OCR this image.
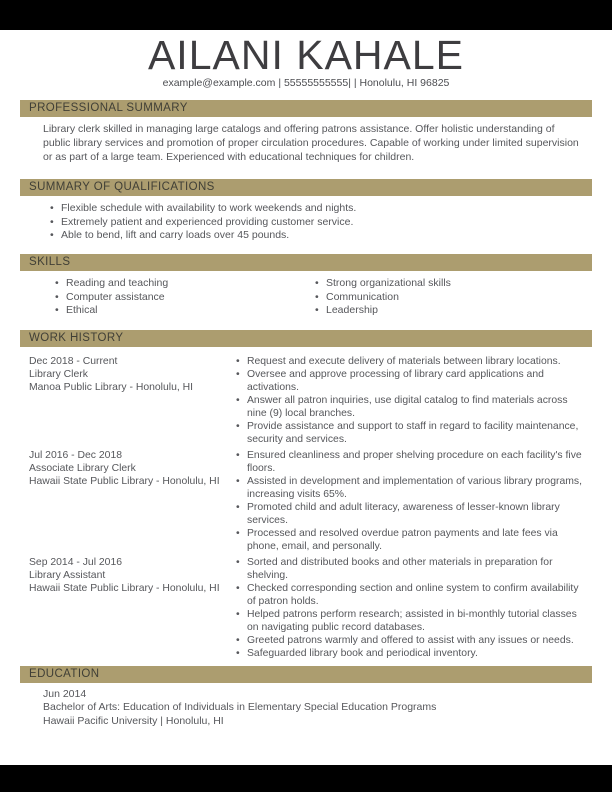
AILANI KAHALE
example@example.com | 55555555555| | Honolulu, HI 96825
PROFESSIONAL SUMMARY

Library clerk skilled in managing large catalogs and offering patrons assistance. Offer holistic understanding of public library services and promotion of proper circulation procedures. Capable of working under limited supervision or as part of a large team. Experienced with educational techniques for children.

SUMMARY OF QUALIFICATIONS
• Flexible schedule with availability to work weekends and nights.
• Extremely patient and experienced providing customer service.
• Able to bend, lift and carry loads over 45 pounds.
SKILLS
• Reading and teaching
• Computer assistance
• Ethical
• Strong organizational skills
• Communication
• Leadership
WORK HISTORY
Dec 2018 - Current
Library Clerk
Manoa Public Library - Honolulu, HI
• Request and execute delivery of materials between library locations.
• Oversee and approve processing of library card applications and activations.
• Answer all patron inquiries, use digital catalog to find materials across nine (9) local branches.
• Provide assistance and support to staff in regard to facility maintenance, security and services.
Jul 2016 - Dec 2018
Associate Library Clerk
Hawaii State Public Library - Honolulu, HI
• Ensured cleanliness and proper shelving procedure on each facility's five floors.
• Assisted in development and implementation of various library programs, increasing visits 65%.
• Promoted child and adult literacy, awareness of lesser-known library services.
• Processed and resolved overdue patron payments and late fees via phone, email, and personally.
Sep 2014 - Jul 2016
Library Assistant
Hawaii State Public Library - Honolulu, HI
• Sorted and distributed books and other materials in preparation for shelving.
• Checked corresponding section and online system to confirm availability of patron holds.
• Helped patrons perform research; assisted in bi-monthly tutorial classes on navigating public record databases.
• Greeted patrons warmly and offered to assist with any issues or needs.
• Safeguarded library book and periodical inventory.
EDUCATION
Jun 2014
Bachelor of Arts: Education of Individuals in Elementary Special Education Programs
Hawaii Pacific University | Honolulu, HI
